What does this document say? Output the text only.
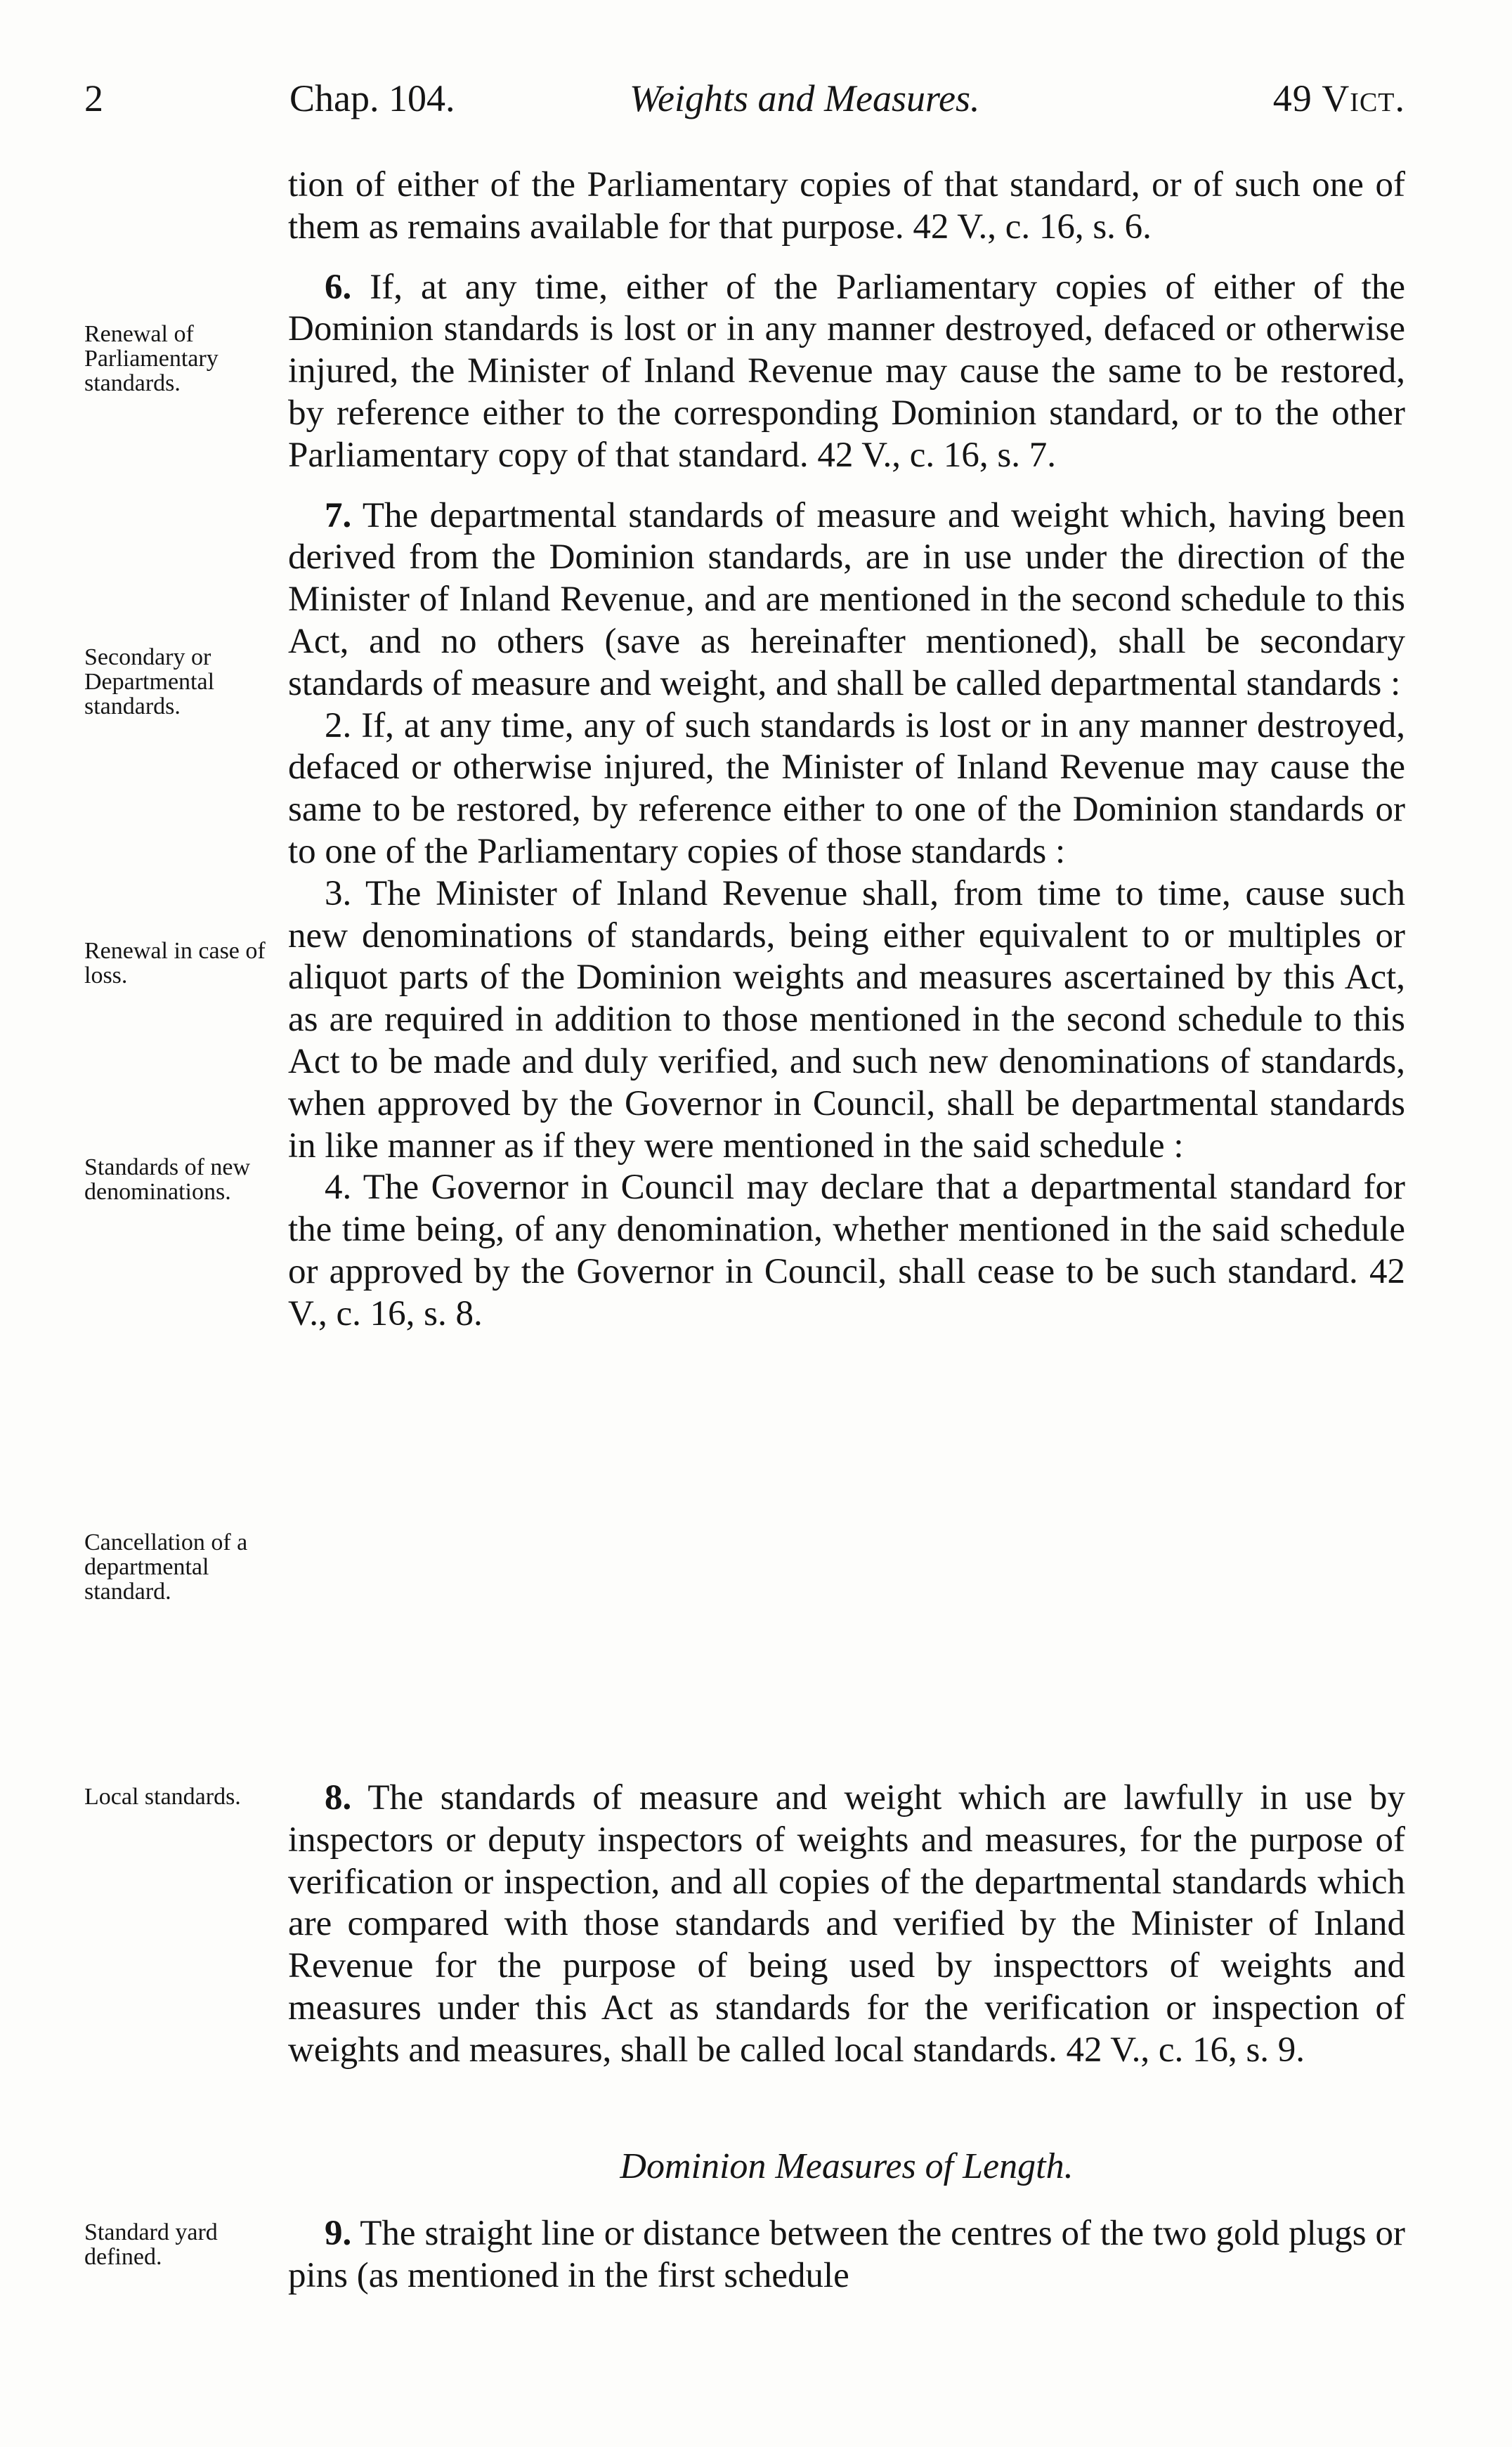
2	Chap. 104.	Weights and Measures.	49 Vict.
Renewal of Parliamentary standards.
Secondary or Departmental standards.
Renewal in case of loss.
Standards of new denominations.
Cancellation of a departmental standard.
Local standards.
Standard yard defined.

tion of either of the Parliamentary copies of that standard, or of such one of them as remains available for that purpose. 42 V., c. 16, s. 6.

6. If, at any time, either of the Parliamentary copies of either of the Dominion standards is lost or in any manner destroyed, defaced or otherwise injured, the Minister of Inland Revenue may cause the same to be restored, by reference either to the corresponding Dominion standard, or to the other Parliamentary copy of that standard. 42 V., c. 16, s. 7.

7. The departmental standards of measure and weight which, having been derived from the Dominion standards, are in use under the direction of the Minister of Inland Revenue, and are mentioned in the second schedule to this Act, and no others (save as hereinafter mentioned), shall be secondary standards of measure and weight, and shall be called departmental standards :

2. If, at any time, any of such standards is lost or in any manner destroyed, defaced or otherwise injured, the Minister of Inland Revenue may cause the same to be restored, by reference either to one of the Dominion standards or to one of the Parliamentary copies of those standards :

3. The Minister of Inland Revenue shall, from time to time, cause such new denominations of standards, being either equivalent to or multiples or aliquot parts of the Dominion weights and measures ascertained by this Act, as are required in addition to those mentioned in the second schedule to this Act to be made and duly verified, and such new denominations of standards, when approved by the Governor in Council, shall be departmental standards in like manner as if they were mentioned in the said schedule :

4. The Governor in Council may declare that a departmental standard for the time being, of any denomination, whether mentioned in the said schedule or approved by the Governor in Council, shall cease to be such standard. 42 V., c. 16, s. 8.

8. The standards of measure and weight which are lawfully in use by inspectors or deputy inspectors of weights and measures, for the purpose of verification or inspection, and all copies of the departmental standards which are compared with those standards and verified by the Minister of Inland Revenue for the purpose of being used by inspecttors of weights and measures under this Act as standards for the verification or inspection of weights and measures, shall be called local standards. 42 V., c. 16, s. 9.

Dominion Measures of Length.

9. The straight line or distance between the centres of the two gold plugs or pins (as mentioned in the first schedule
